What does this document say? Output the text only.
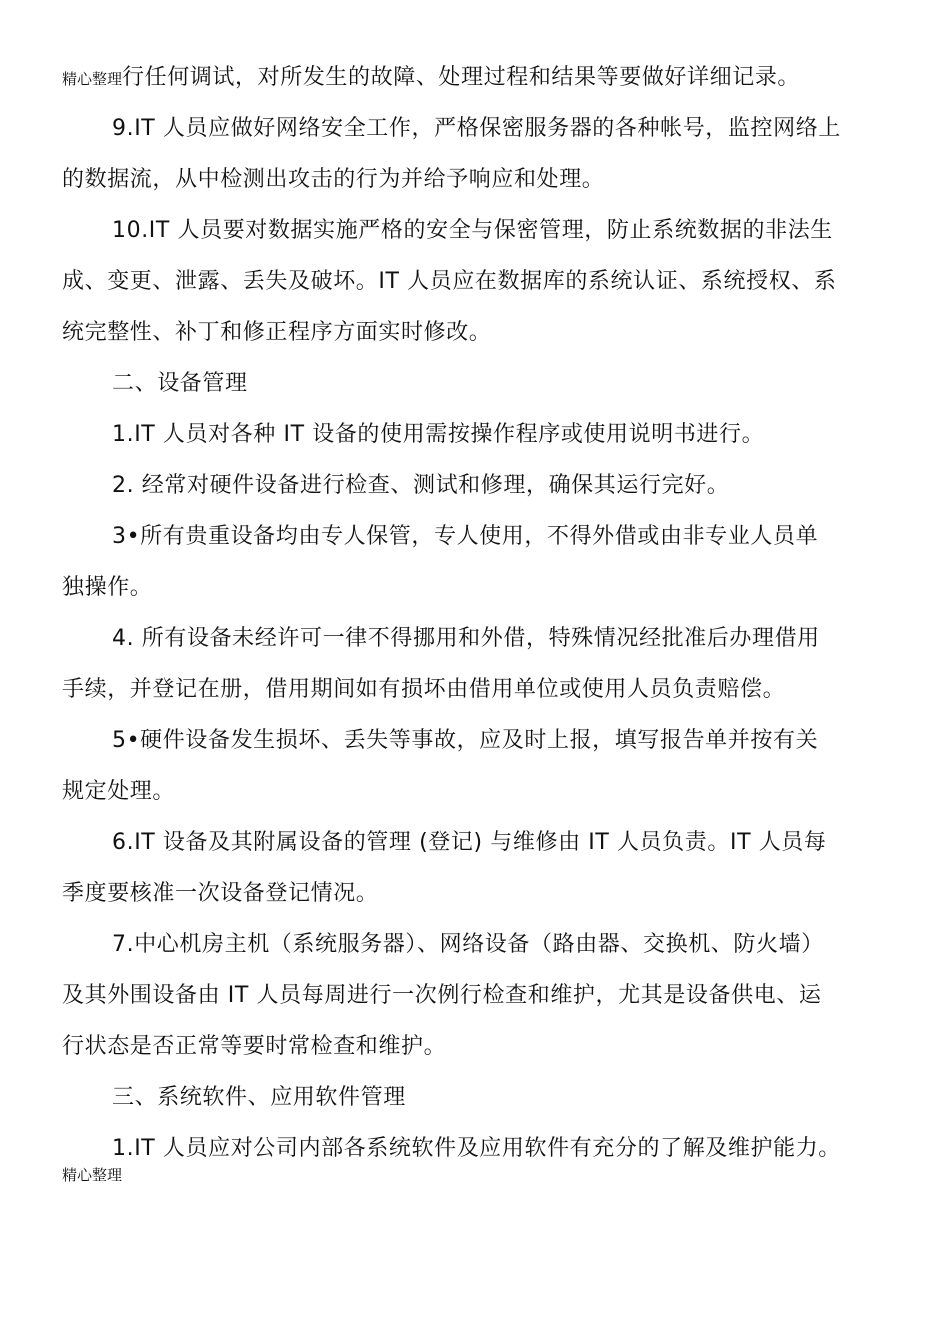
精心整理行任何调试，对所发生的故障、处理过程和结果等要做好详细记录。
9.IT 人员应做好网络安全工作，严格保密服务器的各种帐号，监控网络上
的数据流，从中检测出攻击的行为并给予响应和处理。
10.IT 人员要对数据实施严格的安全与保密管理，防止系统数据的非法生
成、变更、泄露、丢失及破坏。IT 人员应在数据库的系统认证、系统授权、系
统完整性、补丁和修正程序方面实时修改。
二、设备管理
1.IT 人员对各种 IT 设备的使用需按操作程序或使用说明书进行。
2. 经常对硬件设备进行检查、测试和修理，确保其运行完好。
3•所有贵重设备均由专人保管，专人使用，不得外借或由非专业人员单
独操作。
4. 所有设备未经许可一律不得挪用和外借，特殊情况经批准后办理借用
手续，并登记在册，借用期间如有损坏由借用单位或使用人员负责赔偿。
5•硬件设备发生损坏、丢失等事故，应及时上报，填写报告单并按有关
规定处理。
6.IT 设备及其附属设备的管理 (登记) 与维修由 IT 人员负责。IT 人员每
季度要核准一次设备登记情况。
7.中心机房主机（系统服务器）、网络设备（路由器、交换机、防火墙）
及其外围设备由 IT 人员每周进行一次例行检查和维护，尤其是设备供电、运
行状态是否正常等要时常检查和维护。
三、系统软件、应用软件管理
1.IT 人员应对公司内部各系统软件及应用软件有充分的了解及维护能力。
精心整理
